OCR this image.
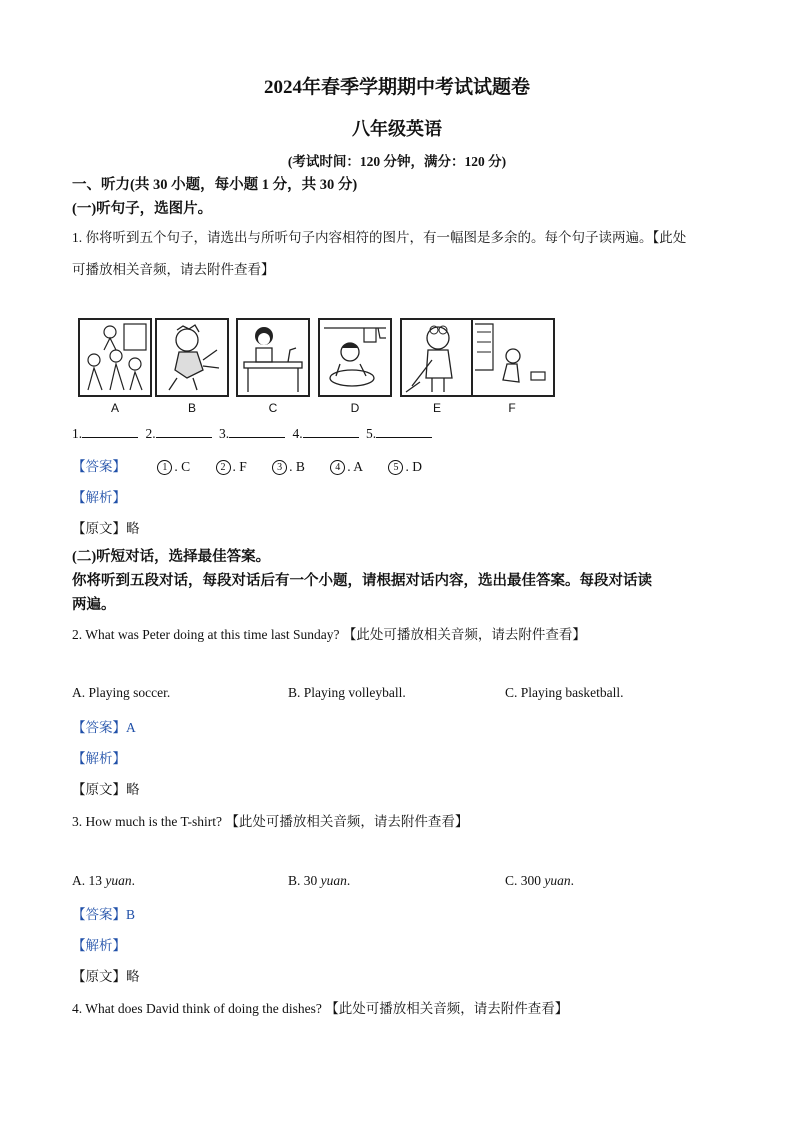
2024年春季学期期中考试试题卷
八年级英语
(考试时间：120 分钟，满分：120 分)
一、听力(共 30 小题，每小题 1 分，共 30 分)
(一)听句子，选图片。
1. 你将听到五个句子，请选出与所听句子内容相符的图片，有一幅图是多余的。每个句子读两遍。【此处
可播放相关音频，请去附件查看】
A	B	C	D	E	F
1.	2.	3.	4.	5.
【答案】	1 . C	2 . F	3 . B	4 . A	5 . D
【解析】
【原文】略
(二)听短对话，选择最佳答案。
你将听到五段对话，每段对话后有一个小题，请根据对话内容，选出最佳答案。每段对话读
两遍。
2. What was Peter doing at this time last Sunday? 【此处可播放相关音频，请去附件查看】
A. Playing soccer.	B. Playing volleyball.	C. Playing basketball.
【答案】A
【解析】
【原文】略
3. How much is the T-shirt? 【此处可播放相关音频，请去附件查看】
A. 13 yuan.	B. 30 yuan.	C. 300 yuan.
【答案】B
【解析】
【原文】略
4. What does David think of doing the dishes? 【此处可播放相关音频，请去附件查看】
